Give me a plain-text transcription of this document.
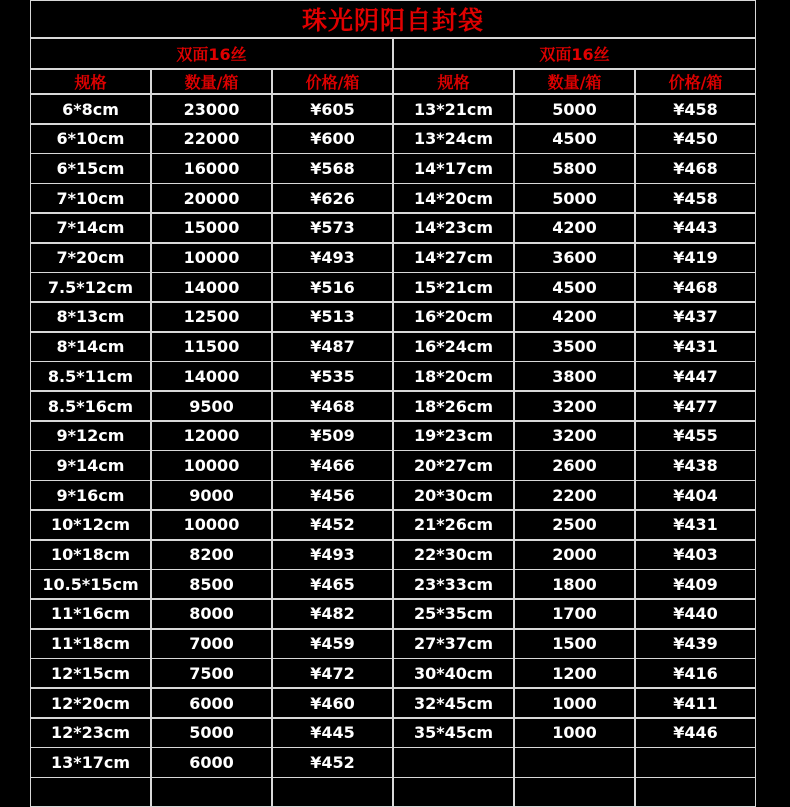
珠光阴阳自封袋
双面16丝	双面16丝
规格	数量/箱	价格/箱	规格	数量/箱	价格/箱
6*8cm	23000	¥605	13*21cm	5000	¥458
6*10cm	22000	¥600	13*24cm	4500	¥450
6*15cm	16000	¥568	14*17cm	5800	¥468
7*10cm	20000	¥626	14*20cm	5000	¥458
7*14cm	15000	¥573	14*23cm	4200	¥443
7*20cm	10000	¥493	14*27cm	3600	¥419
7.5*12cm	14000	¥516	15*21cm	4500	¥468
8*13cm	12500	¥513	16*20cm	4200	¥437
8*14cm	11500	¥487	16*24cm	3500	¥431
8.5*11cm	14000	¥535	18*20cm	3800	¥447
8.5*16cm	9500	¥468	18*26cm	3200	¥477
9*12cm	12000	¥509	19*23cm	3200	¥455
9*14cm	10000	¥466	20*27cm	2600	¥438
9*16cm	9000	¥456	20*30cm	2200	¥404
10*12cm	10000	¥452	21*26cm	2500	¥431
10*18cm	8200	¥493	22*30cm	2000	¥403
10.5*15cm	8500	¥465	23*33cm	1800	¥409
11*16cm	8000	¥482	25*35cm	1700	¥440
11*18cm	7000	¥459	27*37cm	1500	¥439
12*15cm	7500	¥472	30*40cm	1200	¥416
12*20cm	6000	¥460	32*45cm	1000	¥411
12*23cm	5000	¥445	35*45cm	1000	¥446
13*17cm	6000	¥452
